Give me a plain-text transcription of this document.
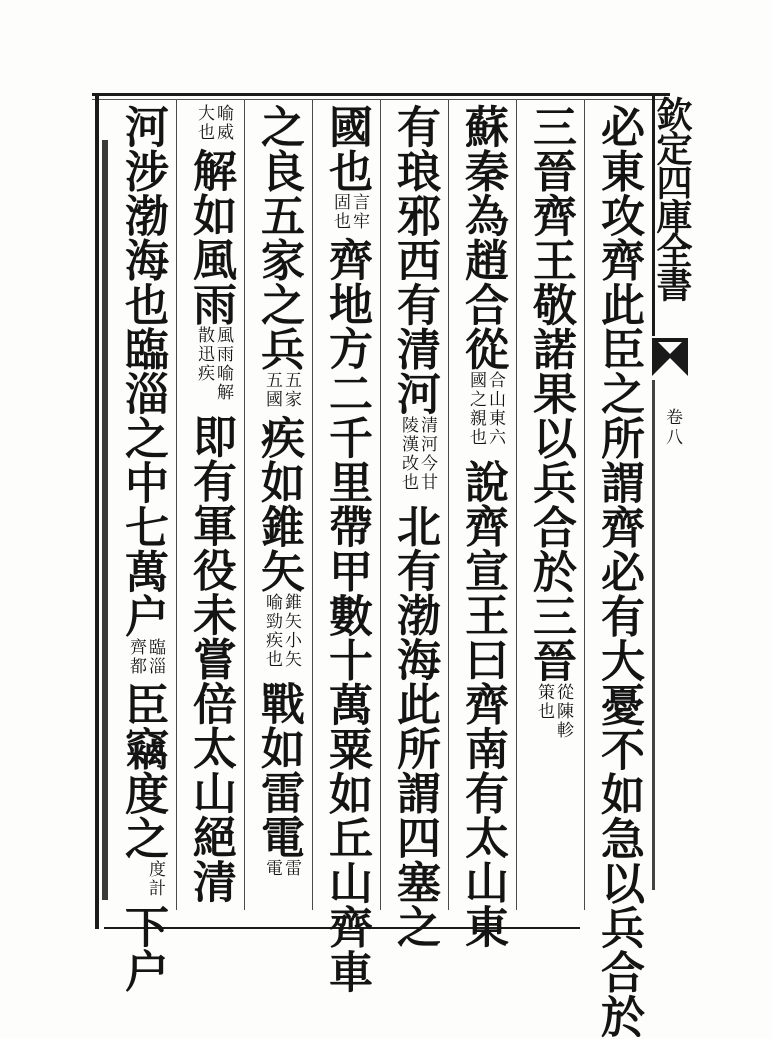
欽定四庫全書
卷八
必東攻齊此臣之所謂齊必有大憂不如急以兵合於
三晉齊王敬諾果以兵合於三晉從陳軫策也
蘇秦為趙合從合山東六國之親也說齊宣王曰齊南有太山東
有琅邪西有清河清河今甘陵漢改也北有渤海此所謂四塞之
國也言牢固也齊地方二千里帶甲數十萬粟如丘山齊車
之良五家之兵五家五國疾如錐矢錐矢小矢喻勁疾也戰如雷電雷電
喻威大也解如風雨風雨喻解散迅疾即有軍役未嘗倍太山絕清
河涉渤海也臨淄之中七萬户臨淄齊都臣竊度之度計下户
